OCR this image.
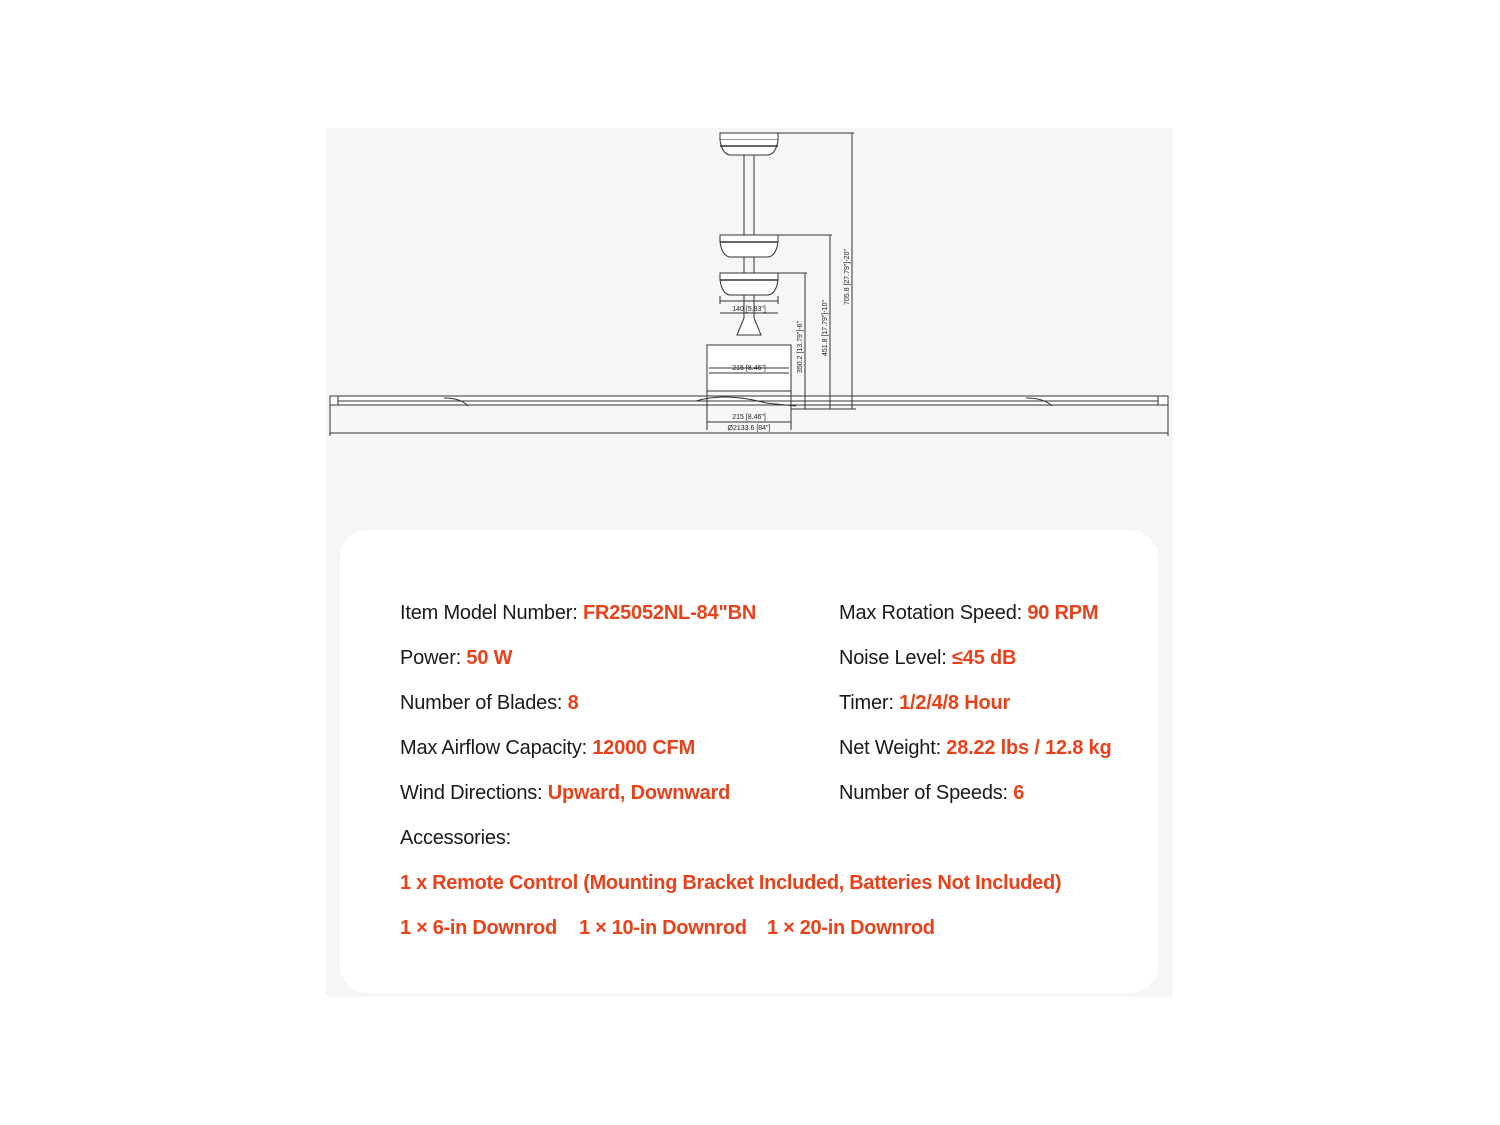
140 [5.83"]
215 [8.46"]
215 [8.46"]
Ø2133.6 [84"]
350.2 [13.79"]-6"	451.8 [17.79"]-10"
705.8 [27.79"]-20"
Item Model Number: FR25052NL-84"BN
Power: 50 W
Number of Blades: 8
Max Airflow Capacity: 12000 CFM
Wind Directions: Upward, Downward
Max Rotation Speed: 90 RPM
Noise Level: ≤45 dB
Timer: 1/2/4/8 Hour
Net Weight: 28.22 lbs / 12.8 kg
Number of Speeds: 6
Accessories:
1 x Remote Control (Mounting Bracket Included, Batteries Not Included)
1 × 6-in Downrod 1 × 10-in Downrod 1 × 20-in Downrod
